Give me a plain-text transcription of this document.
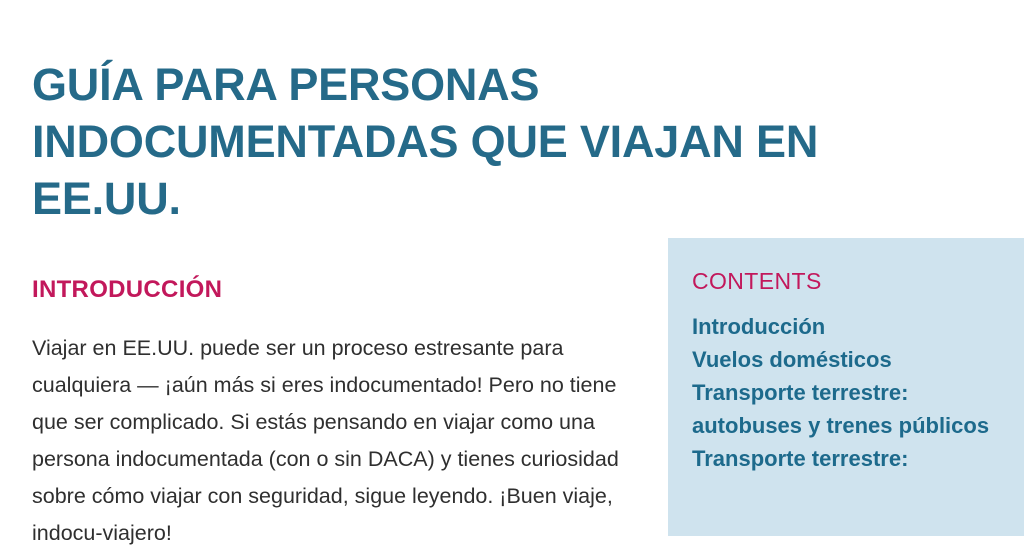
GUÍA PARA PERSONAS INDOCUMENTADAS QUE VIAJAN EN EE.UU.
INTRODUCCIÓN

Viajar en EE.UU. puede ser un proceso estresante para cualquiera — ¡aún más si eres indocumentado! Pero no tiene que ser complicado. Si estás pensando en viajar como una persona indocumentada (con o sin DACA) y tienes curiosidad sobre cómo viajar con seguridad, sigue leyendo. ¡Buen viaje, indocu-viajero!

CONTENTS
Introducción
Vuelos domésticos
Transporte terrestre: autobuses y trenes públicos
Transporte terrestre:
